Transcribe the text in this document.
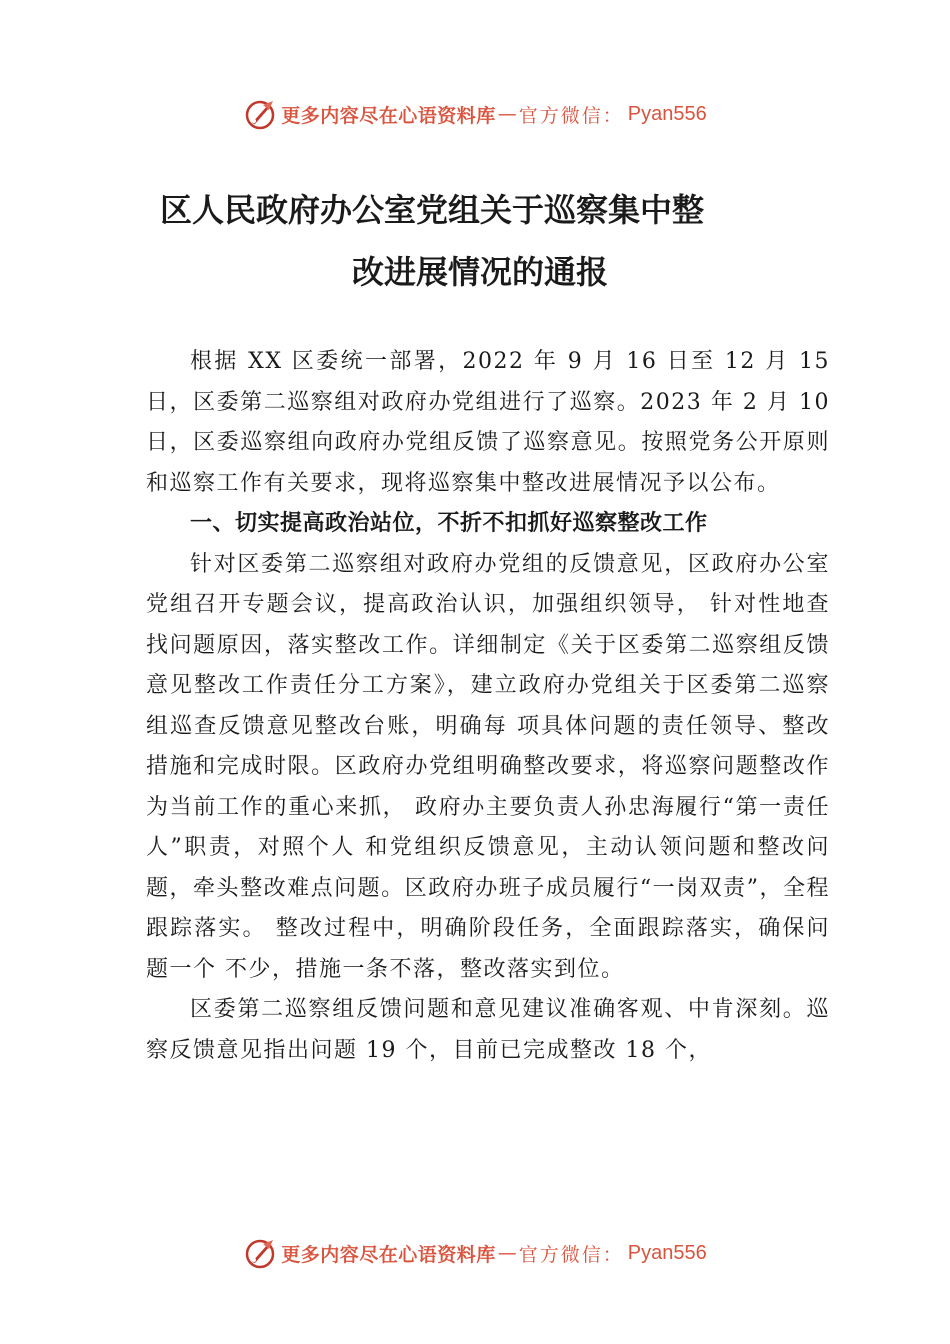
更多内容尽在心语资料库 — 官方微信 ： Pyan556
区人民政府办公室党组关于巡察集中整
改进展情况的通报

根据 XX 区委统一部署，2022 年 9 月 16 日至 12 月 15 日，区委第二巡察组对政府办党组进行了巡察。2023 年 2 月 10 日，区委巡察组向政府办党组反馈了巡察意见。按照党务公开原则和巡察工作有关要求，现将巡察集中整改进展情况予以公布。

一、切实提高政治站位，不折不扣抓好巡察整改工作

针对区委第二巡察组对政府办党组的反馈意见，区政府办公室党组召开专题会议，提高政治认识，加强组织领导， 针对性地查找问题原因，落实整改工作。详细制定《关于区委第二巡察组反馈意见整改工作责任分工方案》，建立政府办党组关于区委第二巡察组巡查反馈意见整改台账，明确每 项具体问题的责任领导、整改措施和完成时限。区政府办党组明确整改要求，将巡察问题整改作为当前工作的重心来抓， 政府办主要负责人孙忠海履行“第一责任人”职责，对照个人 和党组织反馈意见，主动认领问题和整改问题，牵头整改难点问题。区政府办班子成员履行“一岗双责”，全程跟踪落实。 整改过程中，明确阶段任务，全面跟踪落实，确保问题一个 不少，措施一条不落，整改落实到位。

区委第二巡察组反馈问题和意见建议准确客观、中肯深刻。巡察反馈意见指出问题 19 个，目前已完成整改 18 个，

更多内容尽在心语资料库 — 官方微信 ： Pyan556
